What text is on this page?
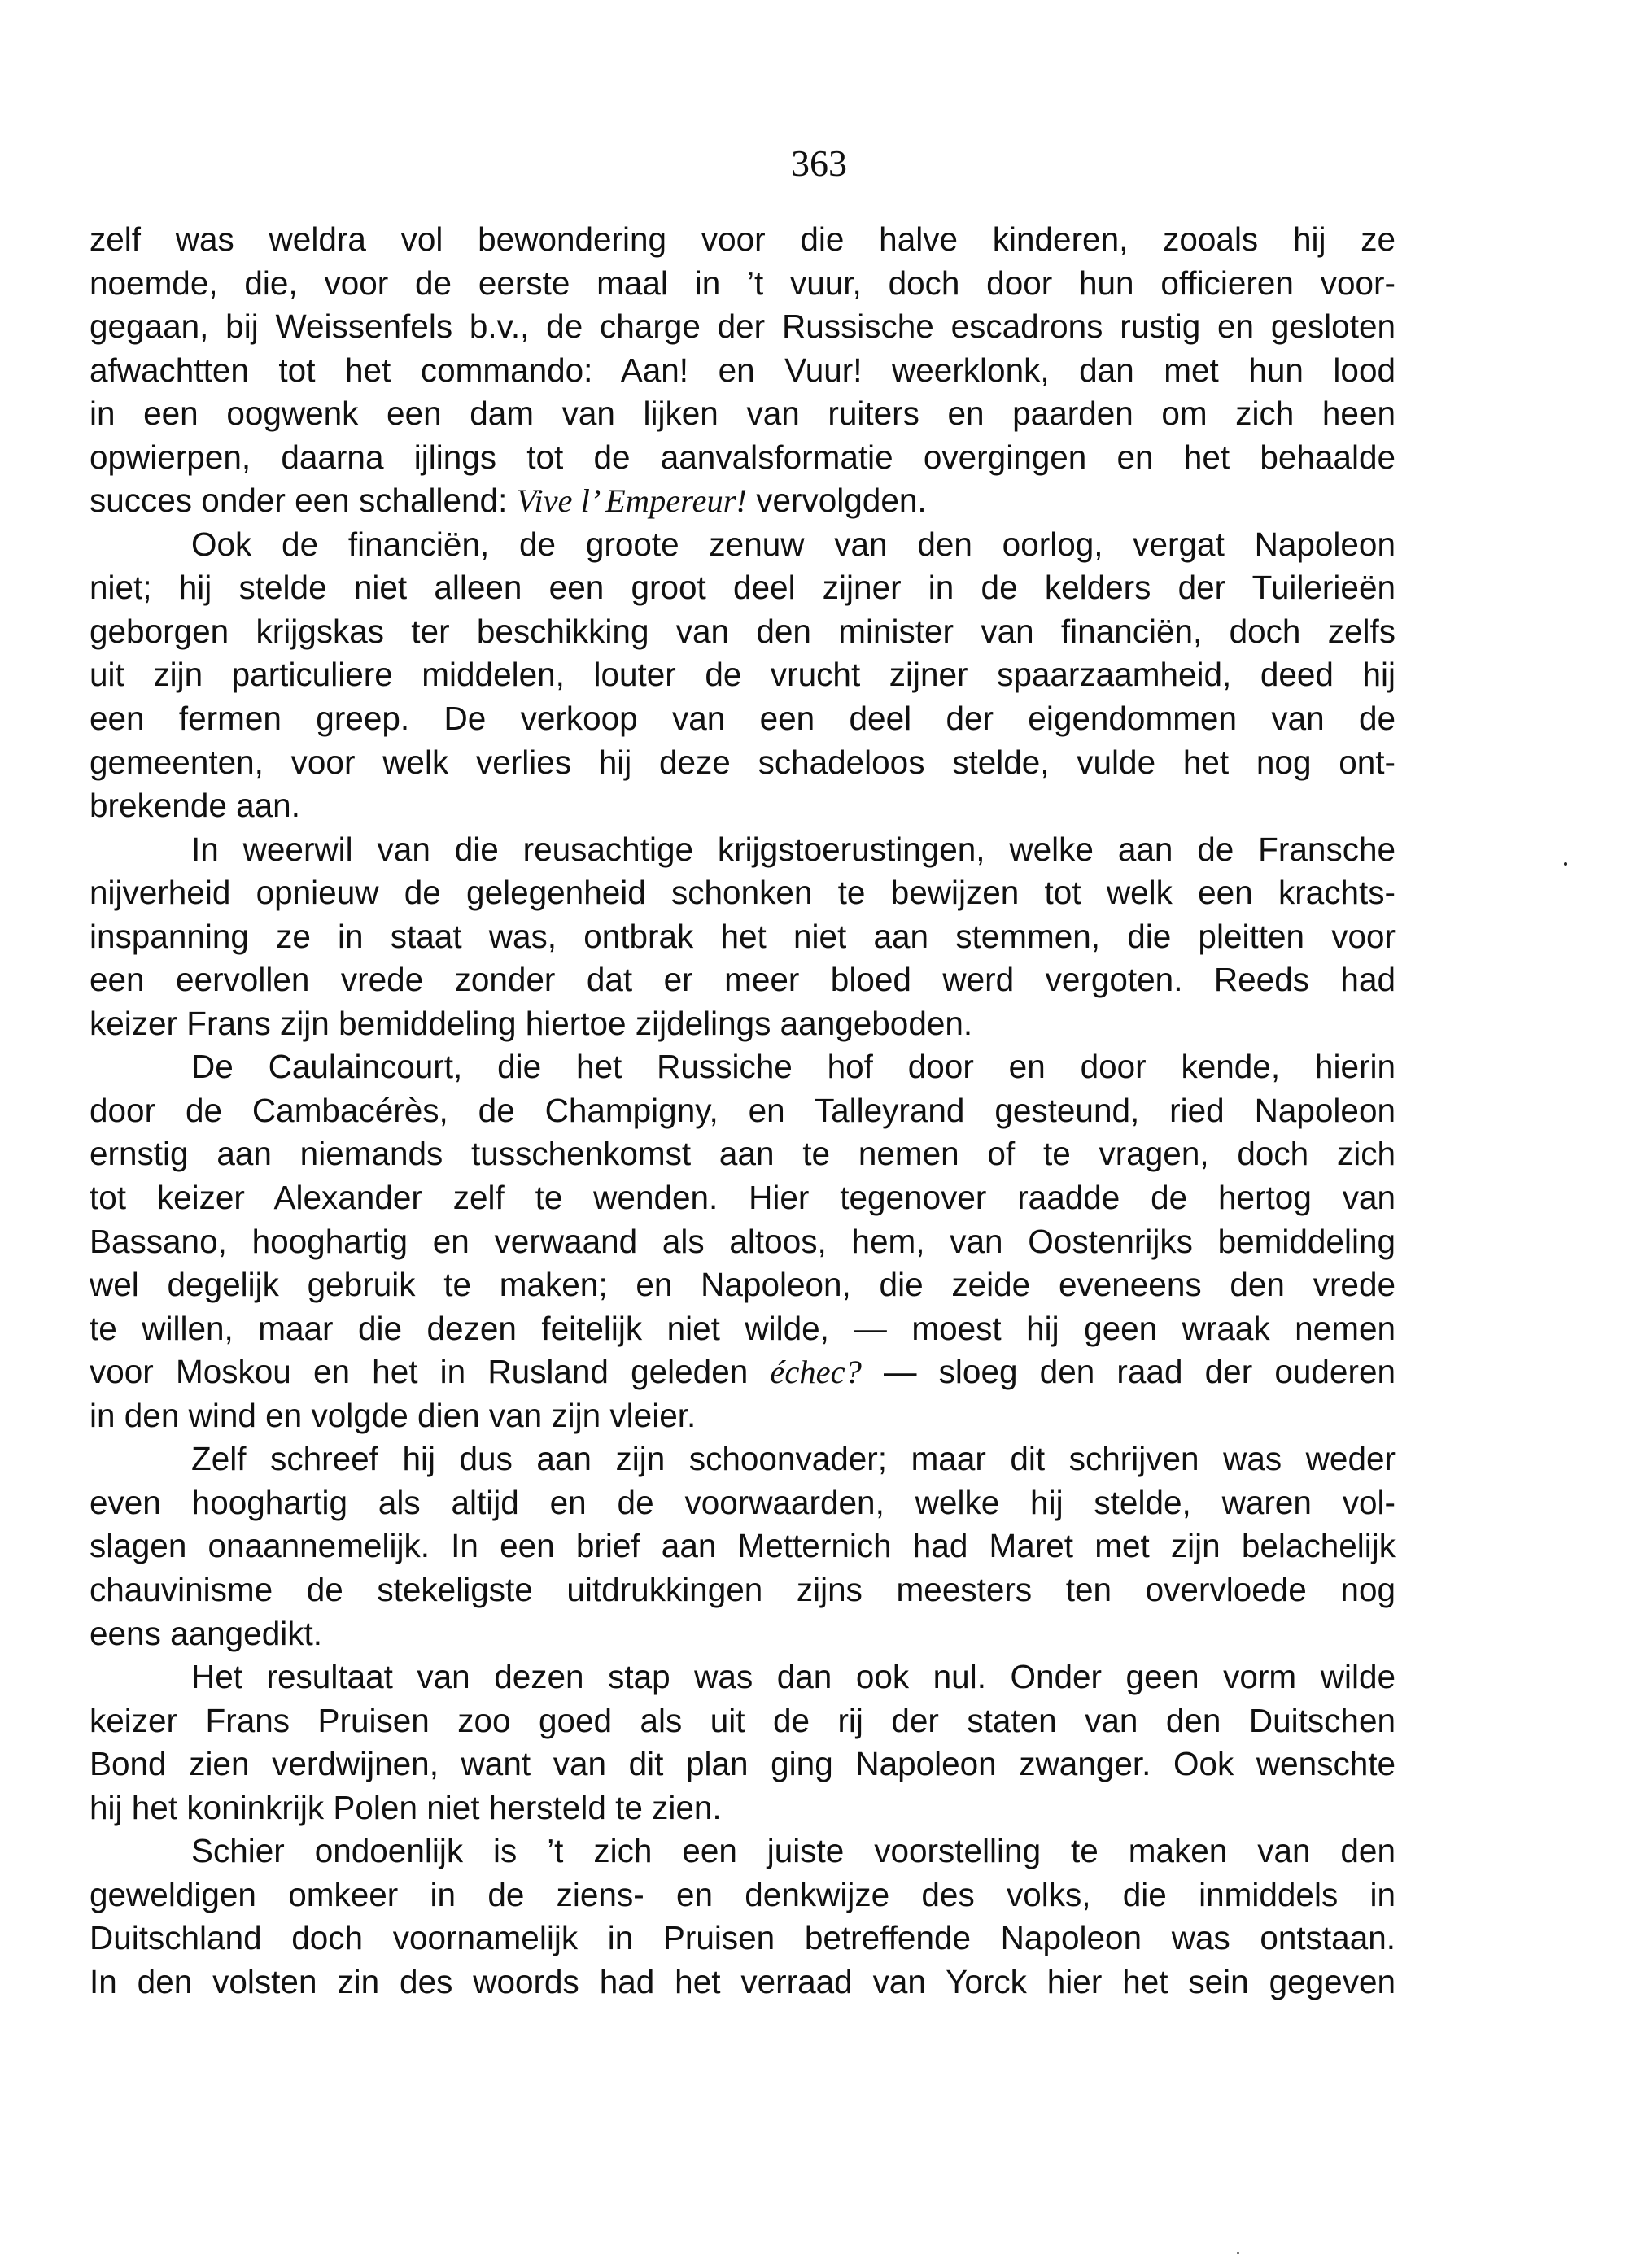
363
zelf was weldra vol bewondering voor die halve kinderen, zooals hij ze
noemde, die, voor de eerste maal in ’t vuur, doch door hun officieren voor-
gegaan, bij Weissenfels b.v., de charge der Russische escadrons rustig en gesloten
afwachtten tot het commando: Aan! en Vuur! weerklonk, dan met hun lood
in een oogwenk een dam van lijken van ruiters en paarden om zich heen
opwierpen, daarna ijlings tot de aanvalsformatie overgingen en het behaalde
succes onder een schallend: Vive l’ Empereur! vervolgden.
Ook de financiën, de groote zenuw van den oorlog, vergat Napoleon
niet; hij stelde niet alleen een groot deel zijner in de kelders der Tuilerieën
geborgen krijgskas ter beschikking van den minister van financiën, doch zelfs
uit zijn particuliere middelen, louter de vrucht zijner spaarzaamheid, deed hij
een fermen greep. De verkoop van een deel der eigendommen van de
gemeenten, voor welk verlies hij deze schadeloos stelde, vulde het nog ont-
brekende aan.
In weerwil van die reusachtige krijgstoerustingen, welke aan de Fransche
nijverheid opnieuw de gelegenheid schonken te bewijzen tot welk een krachts-
inspanning ze in staat was, ontbrak het niet aan stemmen, die pleitten voor
een eervollen vrede zonder dat er meer bloed werd vergoten. Reeds had
keizer Frans zijn bemiddeling hiertoe zijdelings aangeboden.
De Caulaincourt, die het Russiche hof door en door kende, hierin
door de Cambacérès, de Champigny, en Talleyrand gesteund, ried Napoleon
ernstig aan niemands tusschenkomst aan te nemen of te vragen, doch zich
tot keizer Alexander zelf te wenden. Hier tegenover raadde de hertog van
Bassano, hooghartig en verwaand als altoos, hem, van Oostenrijks bemiddeling
wel degelijk gebruik te maken; en Napoleon, die zeide eveneens den vrede
te willen, maar die dezen feitelijk niet wilde, — moest hij geen wraak nemen
voor Moskou en het in Rusland geleden échec? — sloeg den raad der ouderen
in den wind en volgde dien van zijn vleier.
Zelf schreef hij dus aan zijn schoonvader; maar dit schrijven was weder
even hooghartig als altijd en de voorwaarden, welke hij stelde, waren vol-
slagen onaannemelijk. In een brief aan Metternich had Maret met zijn belachelijk
chauvinisme de stekeligste uitdrukkingen zijns meesters ten overvloede nog
eens aangedikt.
Het resultaat van dezen stap was dan ook nul. Onder geen vorm wilde
keizer Frans Pruisen zoo goed als uit de rij der staten van den Duitschen
Bond zien verdwijnen, want van dit plan ging Napoleon zwanger. Ook wenschte
hij het koninkrijk Polen niet hersteld te zien.
Schier ondoenlijk is ’t zich een juiste voorstelling te maken van den
geweldigen omkeer in de ziens- en denkwijze des volks, die inmiddels in
Duitschland doch voornamelijk in Pruisen betreffende Napoleon was ontstaan.
In den volsten zin des woords had het verraad van Yorck hier het sein gegeven
